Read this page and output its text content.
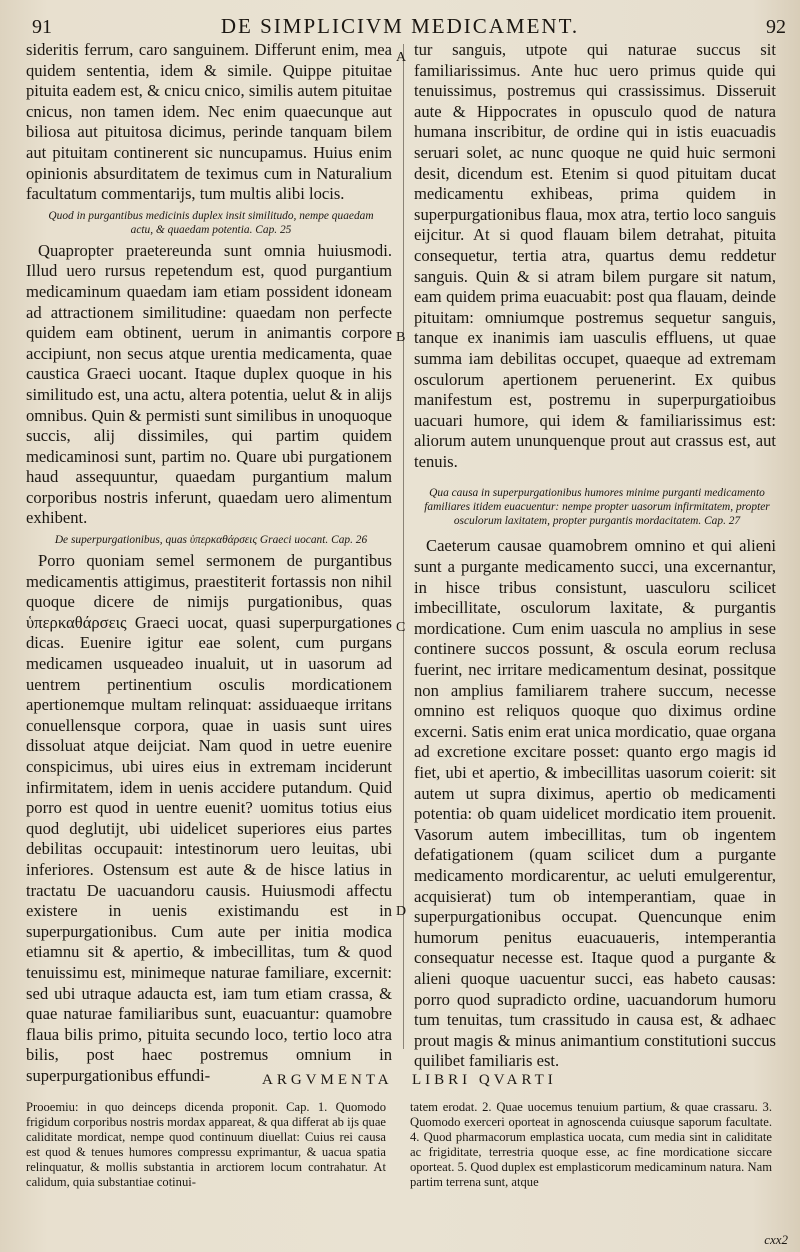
91	DE SIMPLICIVM MEDICAMENT.	92
A
B
C
D

sideritis ferrum, caro sanguinem. Differunt enim, mea quidem sententia, idem & simile. Quippe pituitae pituita eadem est, & cnicu cnico, similis autem pituitae cnicus, non tamen idem. Nec enim quaecunque aut biliosa aut pituitosa dicimus, perinde tanquam bilem aut pituitam continerent sic nuncupamus. Huius enim opinionis absurditatem de teximus cum in Naturalium facultatum commentarijs, tum multis alibi locis.

Quod in purgantibus medicinis duplex insit similitudo, nempe quaedam actu, & quaedam potentia. Cap. 25

Quapropter praetereunda sunt omnia huiusmodi. Illud uero rursus repetendum est, quod purgantium medicaminum quaedam iam etiam possident idoneam ad attractionem similitudine: quaedam non perfecte quidem eam obtinent, uerum in animantis corpore accipiunt, non secus atque urentia medicamenta, quae caustica Graeci uocant. Itaque duplex quoque in his similitudo est, una actu, altera potentia, uelut & in alijs omnibus. Quin & permisti sunt similibus in unoquoque succis, alij dissimiles, qui partim quidem medicaminosi sunt, partim no. Quare ubi purgationem haud assequuntur, quaedam purgantium malum corporibus nostris inferunt, quaedam uero alimentum exhibent.

De superpurgationibus, quas ὑπερκαθάρσεις Graeci uocant. Cap. 26

Porro quoniam semel sermonem de purgantibus medicamentis attigimus, praestiterit fortassis non nihil quoque dicere de nimijs purgationibus, quas ὑπερκαθάρσεις Graeci uocat, quasi superpurgationes dicas. Euenire igitur eae solent, cum purgans medicamen usqueadeo inualuit, ut in uasorum ad uentrem pertinentium osculis mordicationem apertionemque multam relinquat: assiduaeque irritans conuellensque corpora, quae in uasis sunt uires dissoluat atque deijciat. Nam quod in uetre euenire conspicimus, ubi uires eius in extremam inciderunt infirmitatem, idem in uenis accidere putandum. Quid porro est quod in uentre euenit? uomitus totius eius quod deglutijt, ubi uidelicet superiores eius partes debilitas occupauit: intestinorum uero leuitas, ubi inferiores. Ostensum est aute & de hisce latius in tractatu De uacuandoru causis. Huiusmodi affectu existere in uenis existimandu est in superpurgationibus. Cum aute per initia modica etiamnu sit & apertio, & imbecillitas, tum & quod tenuissimu est, minimeque naturae familiare, excernit: sed ubi utraque adaucta est, iam tum etiam crassa, & quae naturae familiaribus sunt, euacuantur: quamobre flaua bilis primo, pituita secundo loco, tertio loco atra bilis, post haec postremus omnium in superpurgationibus effundi-

tur sanguis, utpote qui naturae succus sit familiarissimus. Ante huc uero primus quide qui tenuissimus, postremus qui crassissimus. Disseruit aute & Hippocrates in opusculo quod de natura humana inscribitur, de ordine qui in istis euacuadis seruari solet, ac nunc quoque ne quid huic sermoni desit, dicendum est. Etenim si quod pituitam ducat medicamentu exhibeas, prima quidem in superpurgationibus flaua, mox atra, tertio loco sanguis eijcitur. At si quod flauam bilem detrahat, pituita consequetur, tertia atra, quartus demu reddetur sanguis. Quin & si atram bilem purgare sit natum, eam quidem prima euacuabit: post qua flauam, deinde pituitam: omniumque postremus sequetur sanguis, tanque ex inanimis iam uasculis effluens, ut quae summa iam debilitas occupet, quaeque ad extremam osculorum apertionem peruenerint. Ex quibus manifestum est, postremu in superpurgatioibus uacuari humore, qui idem & familiarissimus est: aliorum autem ununquenque prout aut crassus est, aut tenuis.

Qua causa in superpurgationibus humores minime purganti medicamento familiares itidem euacuentur: nempe propter uasorum infirmitatem, propter osculorum laxitatem, propter purgantis mordacitatem. Cap. 27

Caeterum causae quamobrem omnino et qui alieni sunt a purgante medicamento succi, una excernantur, in hisce tribus consistunt, uasculoru scilicet imbecillitate, osculorum laxitate, & purgantis mordicatione. Cum enim uascula no amplius in sese continere succos possunt, & oscula eorum reclusa fuerint, nec irritare medicamentum desinat, possitque non amplius familiarem trahere succum, necesse omnino est reliquos quoque quo diximus ordine excerni. Satis enim erat unica mordicatio, quae organa ad excretione excitare posset: quanto ergo magis id fiet, ubi et apertio, & imbecillitas uasorum coierit: sit autem ut supra diximus, apertio ob medicamenti potentia: ob quam uidelicet mordicatio item prouenit. Vasorum autem imbecillitas, tum ob ingentem defatigationem (quam scilicet dum a purgante medicamento mordicarentur, ac ueluti emulgerentur, acquisierat) tum ob intemperantiam, quae in superpurgationibus occupat. Quencunque enim humorum penitus euacuaueris, intemperantia consequatur necesse est. Itaque quod a purgante & alieni quoque uacuentur succi, eas habeto causas: porro quod supradicto ordine, uacuandorum humoru tum tenuitas, tum crassitudo in causa est, & adhaec prout magis & minus animantium constitutioni succus quilibet familiaris est.

ARGVMENTA LIBRI QVARTI

Prooemiu: in quo deinceps dicenda proponit. Cap. 1. Quomodo frigidum corporibus nostris mordax appareat, & qua differat ab ijs quae caliditate mordicat, nempe quod continuum diuellat: Cuius rei causa est quod & tenues humores compressu exprimantur, & uacua spatia relinquatur, & mollis substantia in arctiorem locum contrahatur. At calidum, quia substantiae cotinui-

tatem erodat. 2. Quae uocemus tenuium partium, & quae crassaru. 3. Quomodo exerceri oporteat in agnoscenda cuiusque saporum facultate. 4. Quod pharmacorum emplastica uocata, cum media sint in caliditate ac frigiditate, terrestria quoque esse, ac fine mordicatione siccare oporteat. 5. Quod duplex est emplasticorum medicaminum natura. Nam partim terrena sunt, atque

cxx2
